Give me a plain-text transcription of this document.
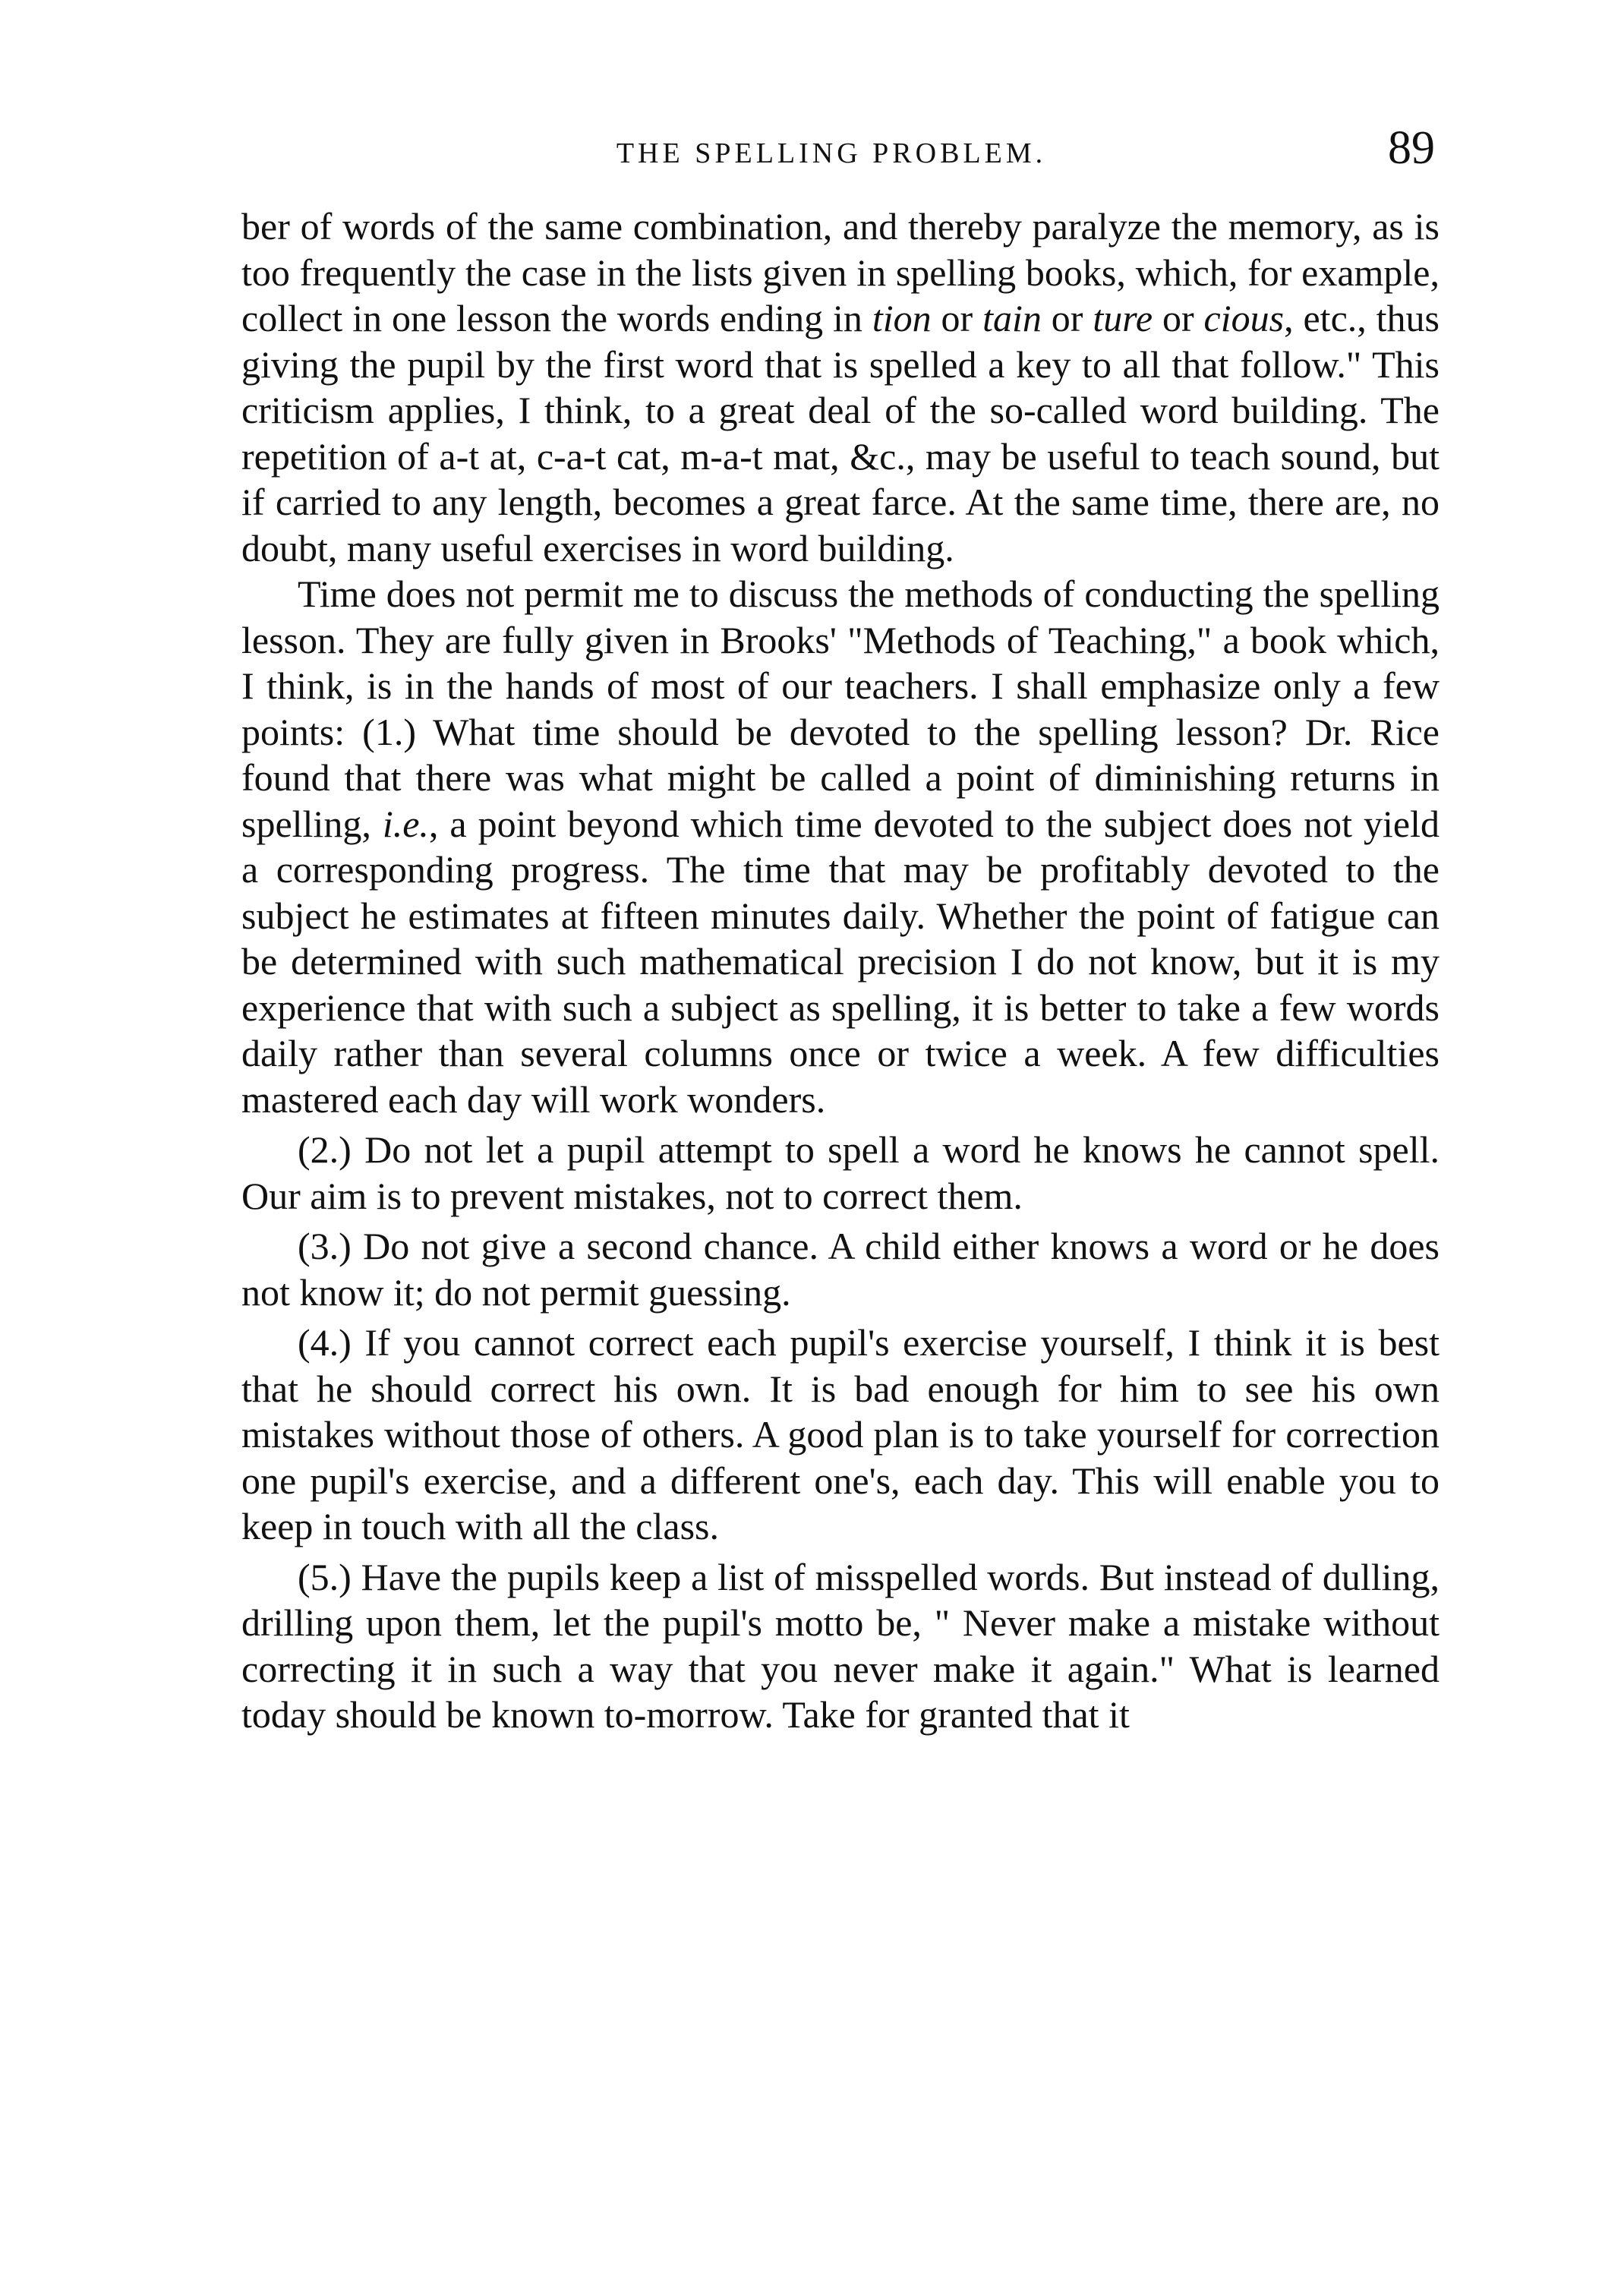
THE SPELLING PROBLEM.	89

ber of words of the same combination, and thereby paralyze the memory, as is too frequently the case in the lists given in spelling books, which, for example, collect in one lesson the words ending in tion or tain or ture or cious, etc., thus giving the pupil by the first word that is spelled a key to all that follow." This criticism applies, I think, to a great deal of the so-called word building. The repetition of a-t at, c-a-t cat, m-a-t mat, &c., may be useful to teach sound, but if carried to any length, becomes a great farce. At the same time, there are, no doubt, many useful exercises in word building.

Time does not permit me to discuss the methods of conducting the spelling lesson. They are fully given in Brooks' "Methods of Teaching," a book which, I think, is in the hands of most of our teachers. I shall emphasize only a few points: (1.) What time should be devoted to the spelling lesson? Dr. Rice found that there was what might be called a point of diminishing returns in spelling, i.e., a point beyond which time devoted to the subject does not yield a corresponding progress. The time that may be profitably devoted to the subject he estimates at fifteen minutes daily. Whether the point of fatigue can be determined with such mathematical precision I do not know, but it is my experience that with such a subject as spelling, it is better to take a few words daily rather than several columns once or twice a week. A few difficulties mastered each day will work wonders.

(2.) Do not let a pupil attempt to spell a word he knows he cannot spell. Our aim is to prevent mistakes, not to correct them.

(3.) Do not give a second chance. A child either knows a word or he does not know it; do not permit guessing.

(4.) If you cannot correct each pupil's exercise yourself, I think it is best that he should correct his own. It is bad enough for him to see his own mistakes without those of others. A good plan is to take yourself for correction one pupil's exercise, and a different one's, each day. This will enable you to keep in touch with all the class.

(5.) Have the pupils keep a list of misspelled words. But instead of dulling, drilling upon them, let the pupil's motto be, " Never make a mistake without correcting it in such a way that you never make it again." What is learned today should be known to-morrow. Take for granted that it
